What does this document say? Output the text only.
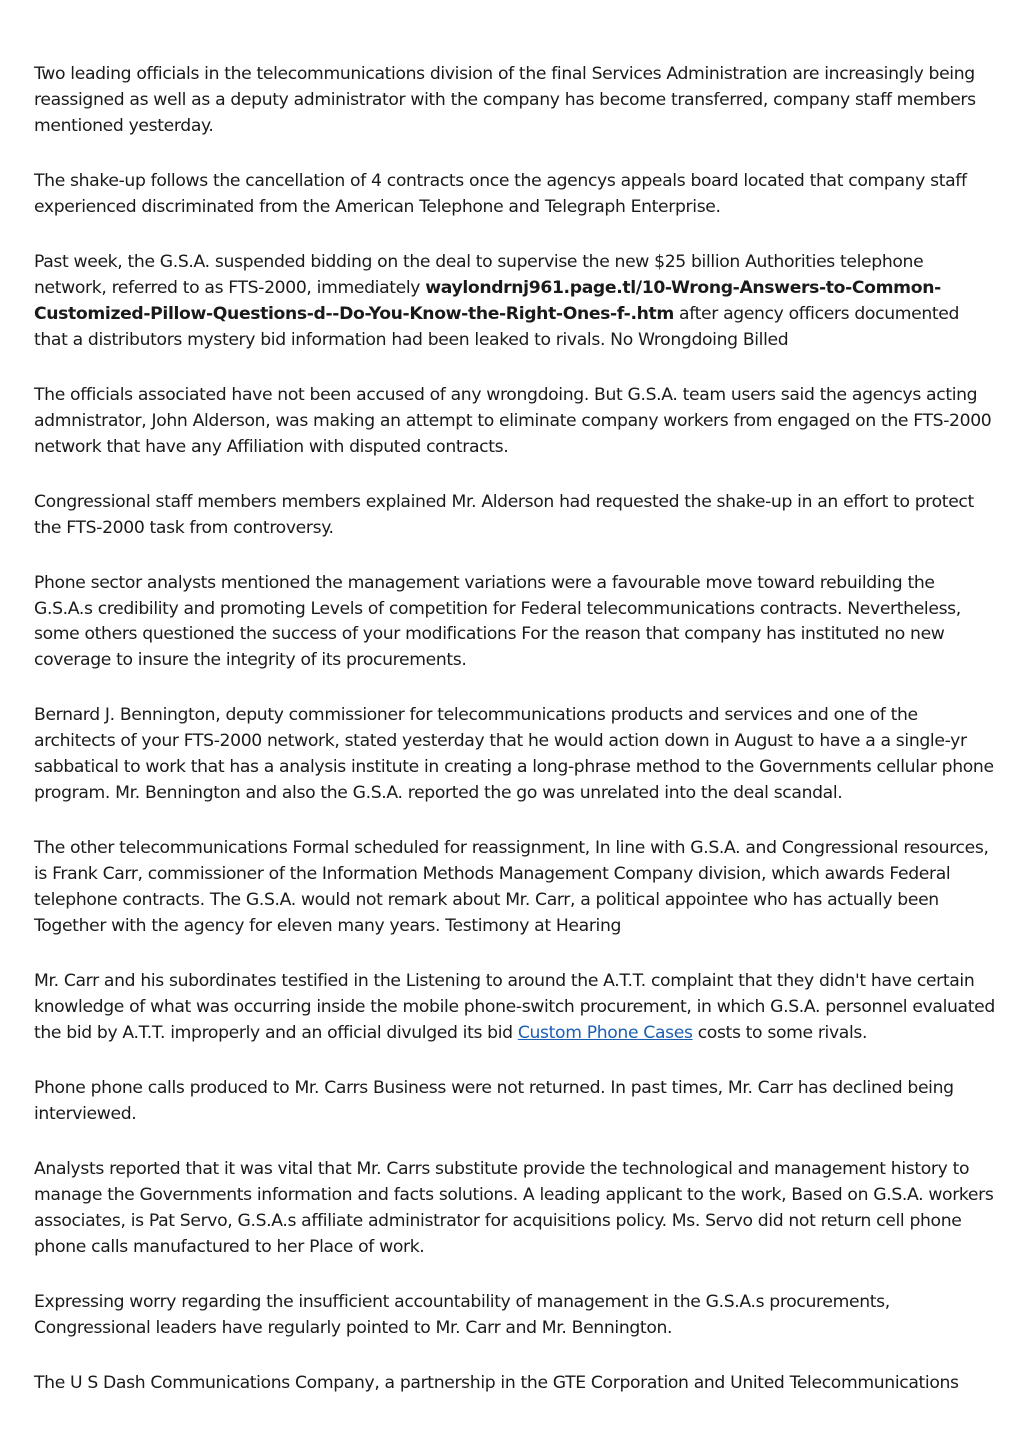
Two leading officials in the telecommunications division of the final Services Administration are increasingly being reassigned as well as a deputy administrator with the company has become transferred, company staff members mentioned yesterday.

The shake-up follows the cancellation of 4 contracts once the agencys appeals board located that company staff experienced discriminated from the American Telephone and Telegraph Enterprise.

Past week, the G.S.A. suspended bidding on the deal to supervise the new $25 billion Authorities telephone network, referred to as FTS-2000, immediately waylondrnj961.page.tl/10-Wrong-Answers-to-Common-Customized-Pillow-Questions-d--Do-You-Know-the-Right-Ones-f-.htm after agency officers documented that a distributors mystery bid information had been leaked to rivals. No Wrongdoing Billed

The officials associated have not been accused of any wrongdoing. But G.S.A. team users said the agencys acting admnistrator, John Alderson, was making an attempt to eliminate company workers from engaged on the FTS-2000 network that have any Affiliation with disputed contracts.

Congressional staff members members explained Mr. Alderson had requested the shake-up in an effort to protect the FTS-2000 task from controversy.

Phone sector analysts mentioned the management variations were a favourable move toward rebuilding the G.S.A.s credibility and promoting Levels of competition for Federal telecommunications contracts. Nevertheless, some others questioned the success of your modifications For the reason that company has instituted no new coverage to insure the integrity of its procurements.

Bernard J. Bennington, deputy commissioner for telecommunications products and services and one of the architects of your FTS-2000 network, stated yesterday that he would action down in August to have a a single-yr sabbatical to work that has a analysis institute in creating a long-phrase method to the Governments cellular phone program. Mr. Bennington and also the G.S.A. reported the go was unrelated into the deal scandal.

The other telecommunications Formal scheduled for reassignment, In line with G.S.A. and Congressional resources, is Frank Carr, commissioner of the Information Methods Management Company division, which awards Federal telephone contracts. The G.S.A. would not remark about Mr. Carr, a political appointee who has actually been Together with the agency for eleven many years. Testimony at Hearing

Mr. Carr and his subordinates testified in the Listening to around the A.T.T. complaint that they didn't have certain knowledge of what was occurring inside the mobile phone-switch procurement, in which G.S.A. personnel evaluated the bid by A.T.T. improperly and an official divulged its bid Custom Phone Cases costs to some rivals.

Phone phone calls produced to Mr. Carrs Business were not returned. In past times, Mr. Carr has declined being interviewed.

Analysts reported that it was vital that Mr. Carrs substitute provide the technological and management history to manage the Governments information and facts solutions. A leading applicant to the work, Based on G.S.A. workers associates, is Pat Servo, G.S.A.s affiliate administrator for acquisitions policy. Ms. Servo did not return cell phone phone calls manufactured to her Place of work.

Expressing worry regarding the insufficient accountability of management in the G.S.A.s procurements, Congressional leaders have regularly pointed to Mr. Carr and Mr. Bennington.

The U S Dash Communications Company, a partnership in the GTE Corporation and United Telecommunications
